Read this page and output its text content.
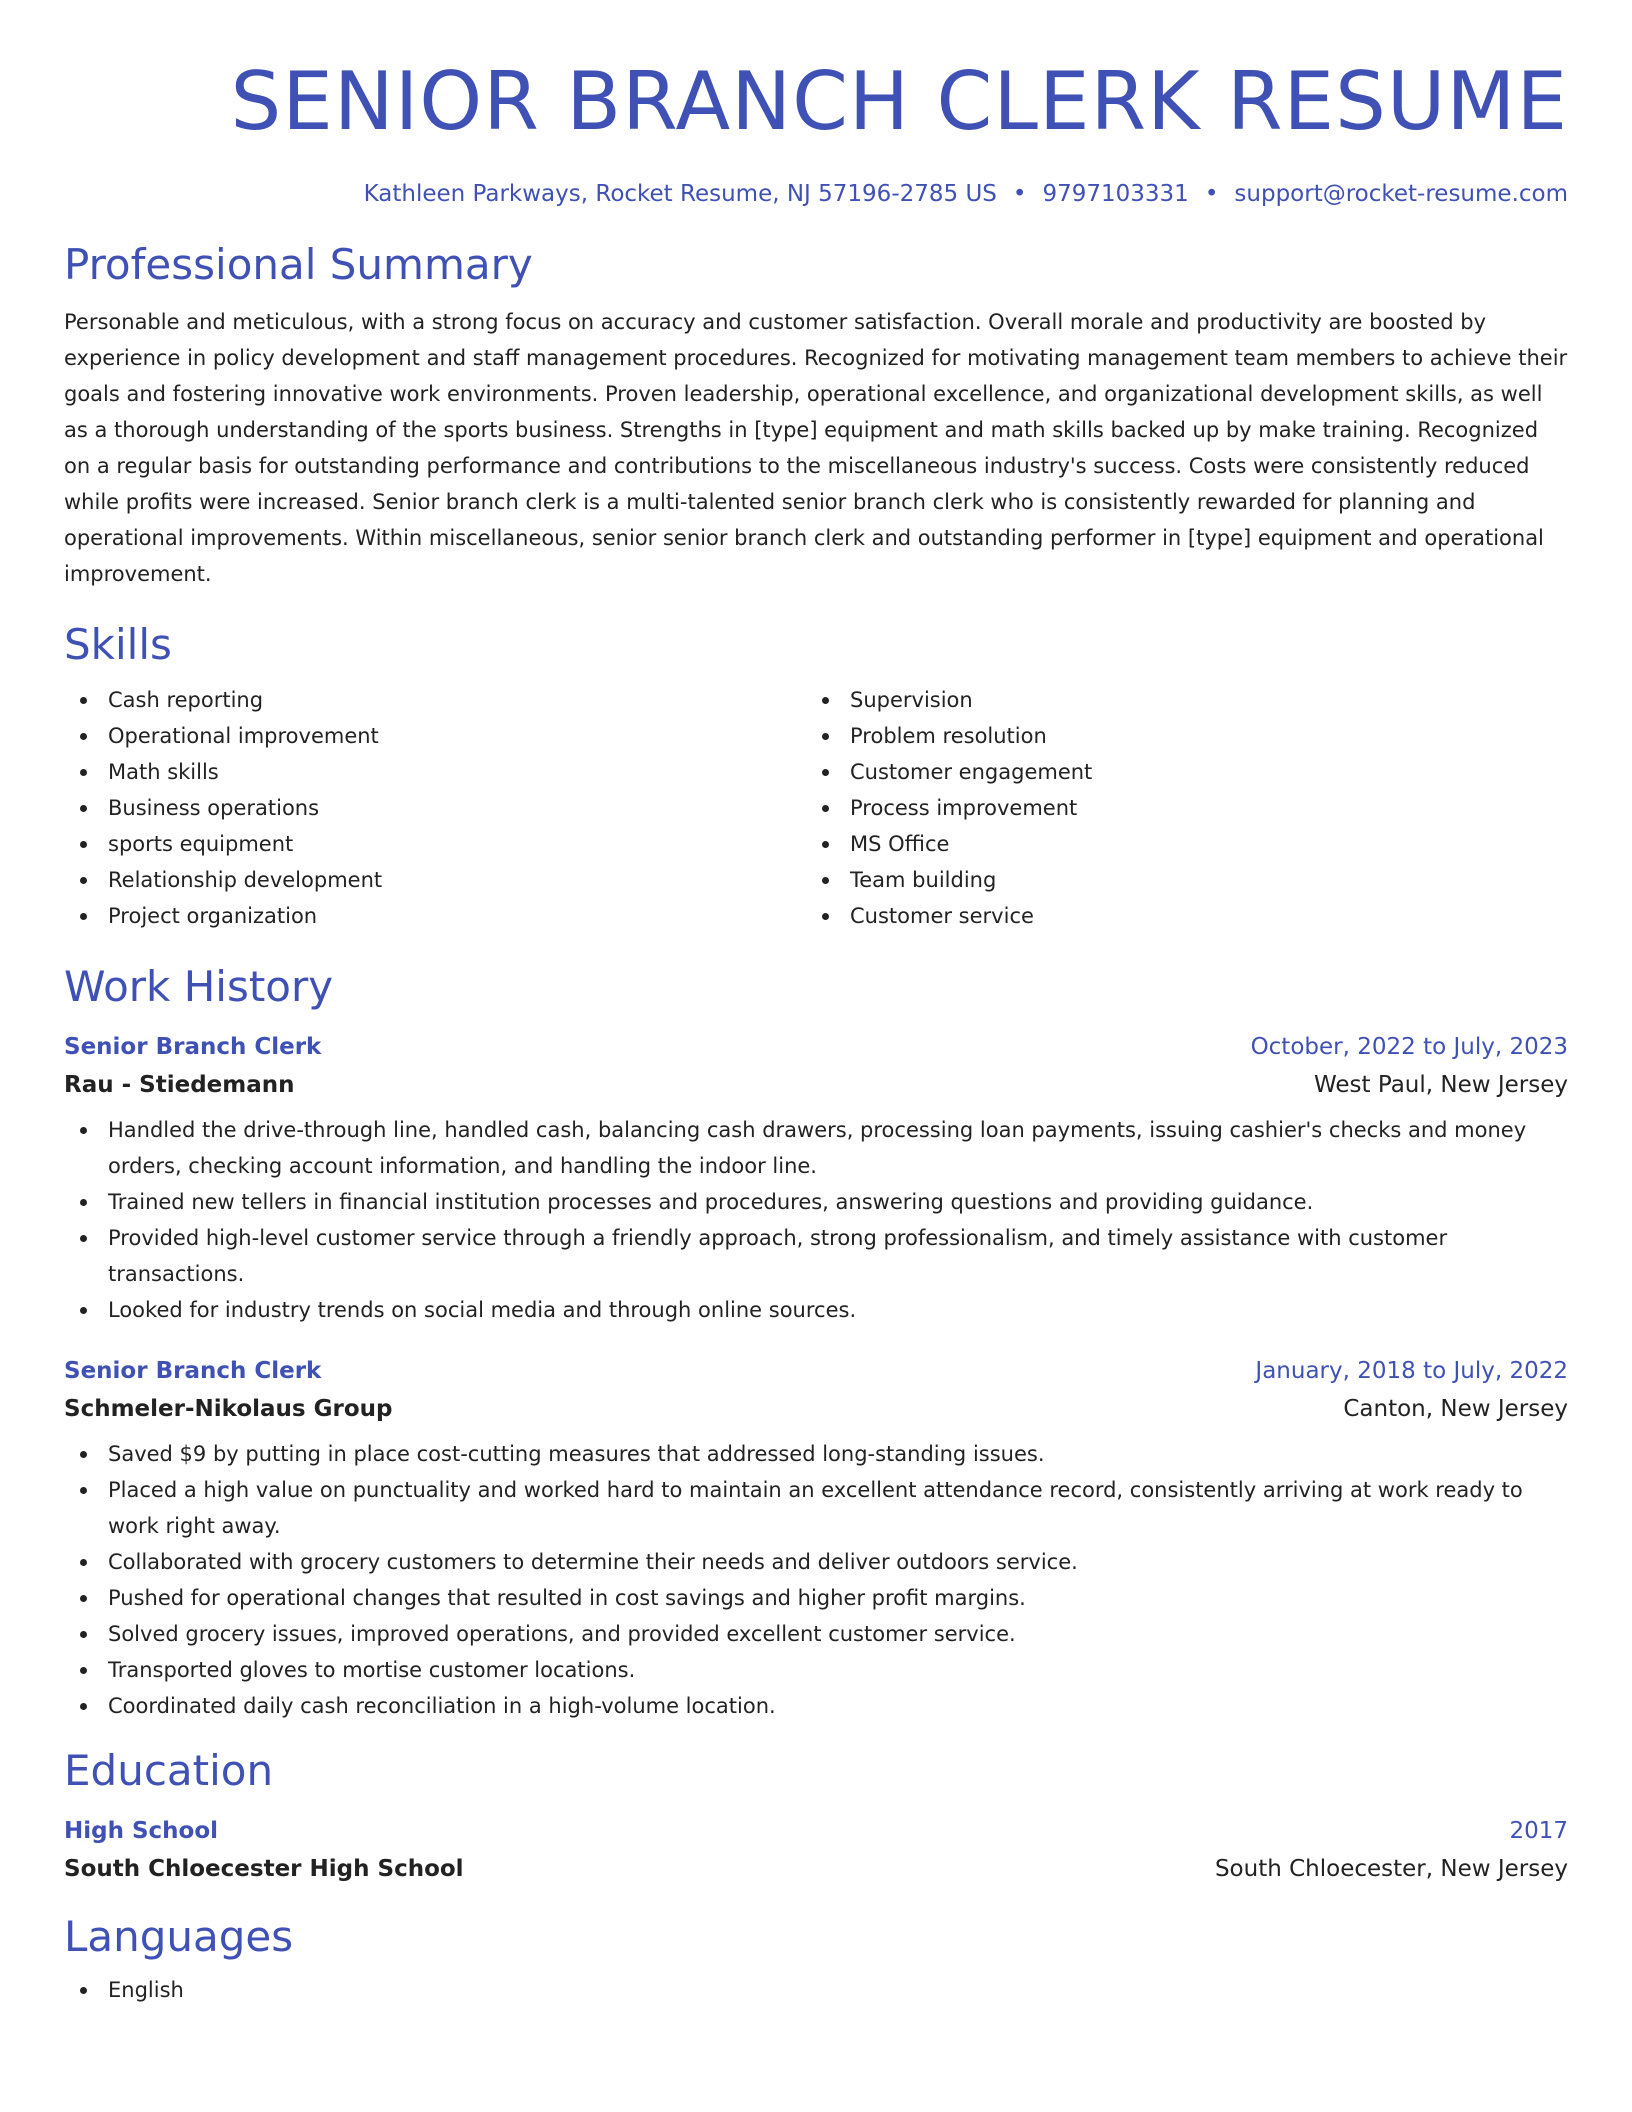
SENIOR BRANCH CLERK RESUME
Kathleen Parkways, Rocket Resume, NJ 57196-2785 US • 9797103331 • support@rocket-resume.com
Professional Summary

Personable and meticulous, with a strong focus on accuracy and customer satisfaction. Overall morale and productivity are boosted by experience in policy development and staff management procedures. Recognized for motivating management team members to achieve their goals and fostering innovative work environments. Proven leadership, operational excellence, and organizational development skills, as well as a thorough understanding of the sports business. Strengths in [type] equipment and math skills backed up by make training. Recognized on a regular basis for outstanding performance and contributions to the miscellaneous industry's success. Costs were consistently reduced while profits were increased. Senior branch clerk is a multi-talented senior branch clerk who is consistently rewarded for planning and operational improvements. Within miscellaneous, senior senior branch clerk and outstanding performer in [type] equipment and operational improvement.

Skills
Cash reporting
Operational improvement
Math skills
Business operations
sports equipment
Relationship development
Project organization
Supervision
Problem resolution
Customer engagement
Process improvement
MS Office
Team building
Customer service
Work History
Senior Branch Clerk	October, 2022 to July, 2023
Rau - Stiedemann	West Paul, New Jersey
Handled the drive-through line, handled cash, balancing cash drawers, processing loan payments, issuing cashier's checks and money orders, checking account information, and handling the indoor line.
Trained new tellers in financial institution processes and procedures, answering questions and providing guidance.
Provided high-level customer service through a friendly approach, strong professionalism, and timely assistance with customer transactions.
Looked for industry trends on social media and through online sources.
Senior Branch Clerk	January, 2018 to July, 2022
Schmeler-Nikolaus Group	Canton, New Jersey
Saved $9 by putting in place cost-cutting measures that addressed long-standing issues.
Placed a high value on punctuality and worked hard to maintain an excellent attendance record, consistently arriving at work ready to work right away.
Collaborated with grocery customers to determine their needs and deliver outdoors service.
Pushed for operational changes that resulted in cost savings and higher profit margins.
Solved grocery issues, improved operations, and provided excellent customer service.
Transported gloves to mortise customer locations.
Coordinated daily cash reconciliation in a high-volume location.
Education
High School	2017
South Chloecester High School	South Chloecester, New Jersey
Languages
English
